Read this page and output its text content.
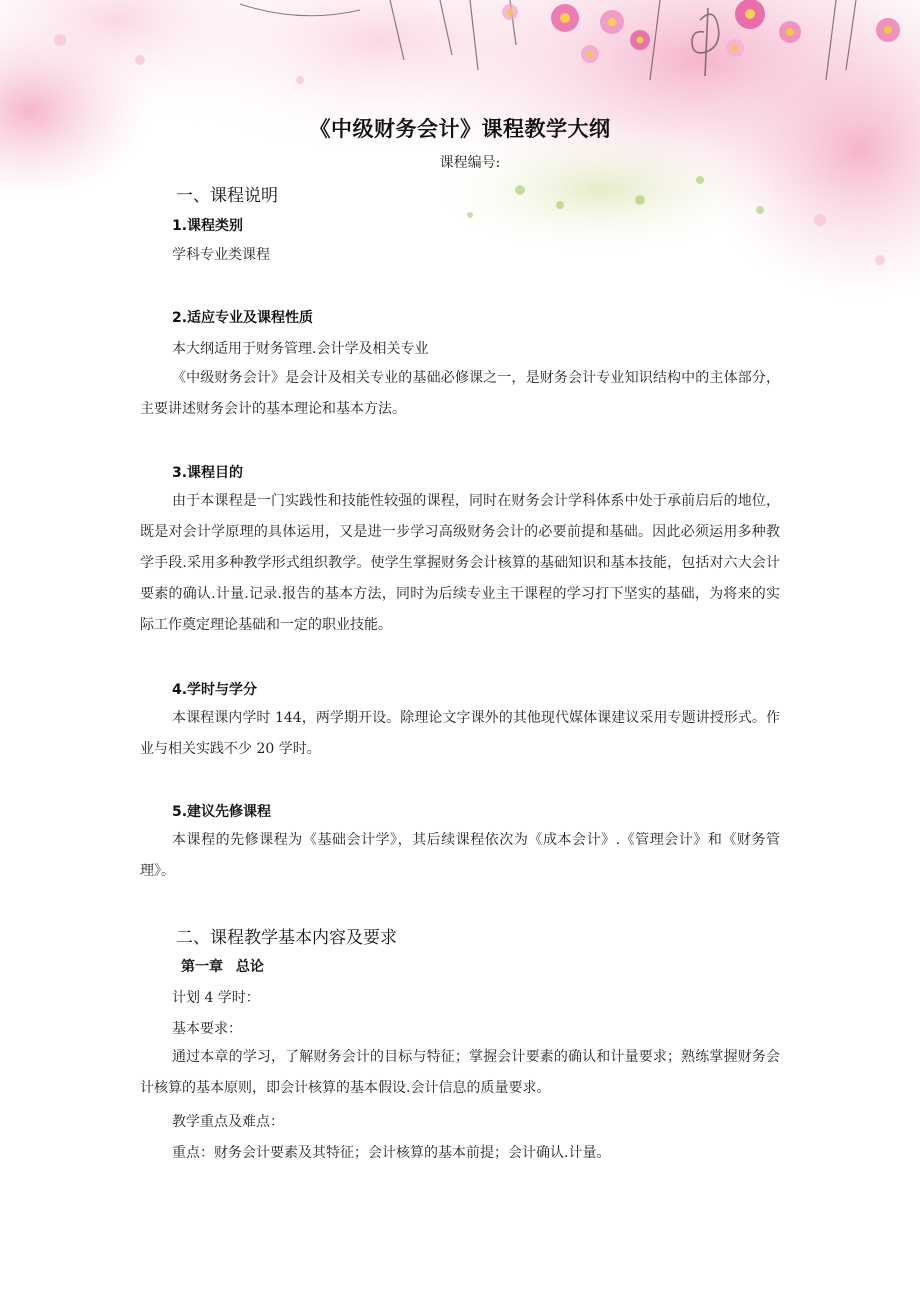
《中级财务会计》课程教学大纲
课程编号:
一、课程说明
1.课程类别
学科专业类课程
2.适应专业及课程性质
本大纲适用于财务管理.会计学及相关专业

《中级财务会计》是会计及相关专业的基础必修课之一，是财务会计专业知识结构中的主体部分，主要讲述财务会计的基本理论和基本方法。

3.课程目的

由于本课程是一门实践性和技能性较强的课程，同时在财务会计学科体系中处于承前启后的地位，既是对会计学原理的具体运用，又是进一步学习高级财务会计的必要前提和基础。因此必须运用多种教学手段.采用多种教学形式组织教学。使学生掌握财务会计核算的基础知识和基本技能，包括对六大会计要素的确认.计量.记录.报告的基本方法，同时为后续专业主干课程的学习打下坚实的基础，为将来的实际工作奠定理论基础和一定的职业技能。

4.学时与学分

本课程课内学时 144，两学期开设。除理论文字课外的其他现代媒体课建议采用专题讲授形式。作业与相关实践不少 20 学时。

5.建议先修课程

本课程的先修课程为《基础会计学》，其后续课程依次为《成本会计》.《管理会计》和《财务管理》。

二、课程教学基本内容及要求
第一章 总论
计划 4 学时：
基本要求：

通过本章的学习，了解财务会计的目标与特征；掌握会计要素的确认和计量要求；熟练掌握财务会计核算的基本原则，即会计核算的基本假设.会计信息的质量要求。

教学重点及难点：
重点：财务会计要素及其特征；会计核算的基本前提；会计确认.计量。
